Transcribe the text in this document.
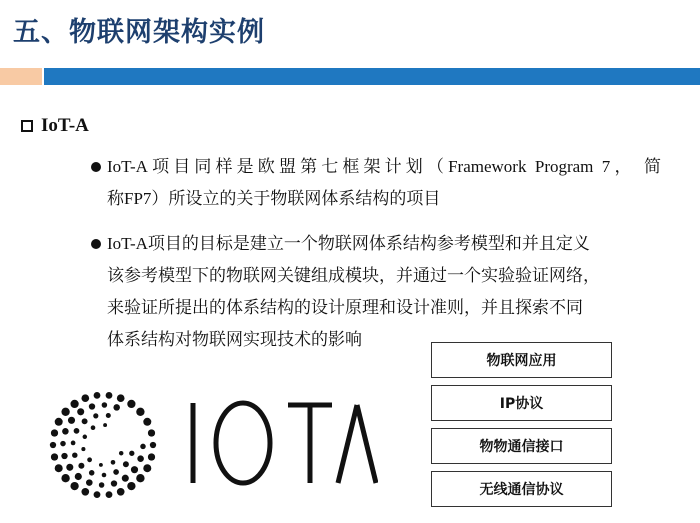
五、物联网架构实例
IoT-A
IoT-A项目同样是欧盟第七框架计划（Framework Program 7， 简
称FP7）所设立的关于物联网体系结构的项目
IoT-A项目的目标是建立一个物联网体系结构参考模型和并且定义
该参考模型下的物联网关键组成模块，并通过一个实验验证网络，
来验证所提出的体系结构的设计原理和设计准则，并且探索不同
体系结构对物联网实现技术的影响
物联网应用
IP协议
物物通信接口
无线通信协议
